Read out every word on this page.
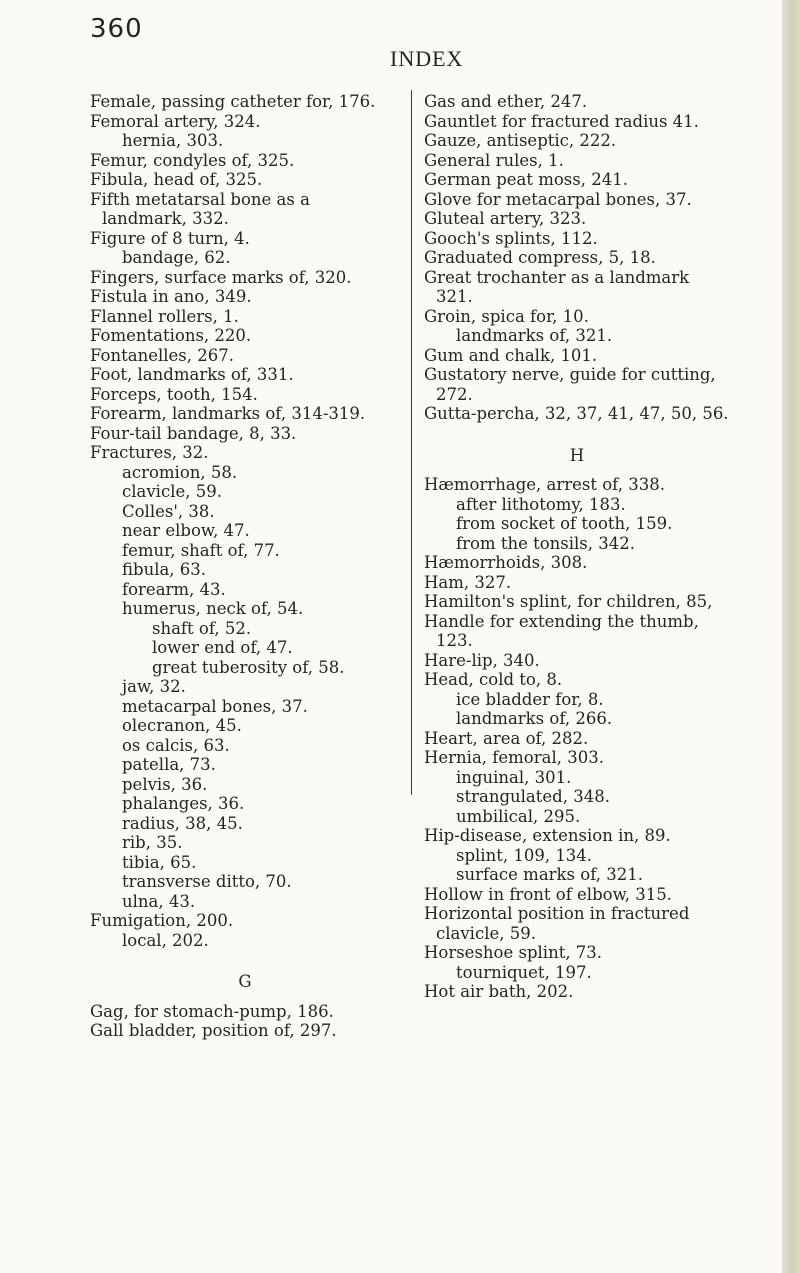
360
INDEX

Female, passing catheter for, 176.

Femoral artery, 324.

hernia, 303.

Femur, condyles of, 325.

Fibula, head of, 325.

Fifth metatarsal bone as a landmark, 332.

Figure of 8 turn, 4.

bandage, 62.

Fingers, surface marks of, 320.

Fistula in ano, 349.

Flannel rollers, 1.

Fomentations, 220.

Fontanelles, 267.

Foot, landmarks of, 331.

Forceps, tooth, 154.

Forearm, landmarks of, 314-319.

Four-tail bandage, 8, 33.

Fractures, 32.

acromion, 58.

clavicle, 59.

Colles', 38.

near elbow, 47.

femur, shaft of, 77.

fibula, 63.

forearm, 43.

humerus, neck of, 54.

shaft of, 52.

lower end of, 47.

great tuberosity of, 58.

jaw, 32.

metacarpal bones, 37.

olecranon, 45.

os calcis, 63.

patella, 73.

pelvis, 36.

phalanges, 36.

radius, 38, 45.

rib, 35.

tibia, 65.

transverse ditto, 70.

ulna, 43.

Fumigation, 200.

local, 202.

G

Gag, for stomach-pump, 186.

Gall bladder, position of, 297.

Gas and ether, 247.

Gauntlet for fractured radius 41.

Gauze, antiseptic, 222.

General rules, 1.

German peat moss, 241.

Glove for metacarpal bones, 37.

Gluteal artery, 323.

Gooch's splints, 112.

Graduated compress, 5, 18.

Great trochanter as a landmark 321.

Groin, spica for, 10.

landmarks of, 321.

Gum and chalk, 101.

Gustatory nerve, guide for cutting, 272.

Gutta-percha, 32, 37, 41, 47, 50, 56.

H

Hæmorrhage, arrest of, 338.

after lithotomy, 183.

from socket of tooth, 159.

from the tonsils, 342.

Hæmorrhoids, 308.

Ham, 327.

Hamilton's splint, for children, 85,

Handle for extending the thumb, 123.

Hare-lip, 340.

Head, cold to, 8.

ice bladder for, 8.

landmarks of, 266.

Heart, area of, 282.

Hernia, femoral, 303.

inguinal, 301.

strangulated, 348.

umbilical, 295.

Hip-disease, extension in, 89.

splint, 109, 134.

surface marks of, 321.

Hollow in front of elbow, 315.

Horizontal position in fractured clavicle, 59.

Horseshoe splint, 73.

tourniquet, 197.

Hot air bath, 202.
